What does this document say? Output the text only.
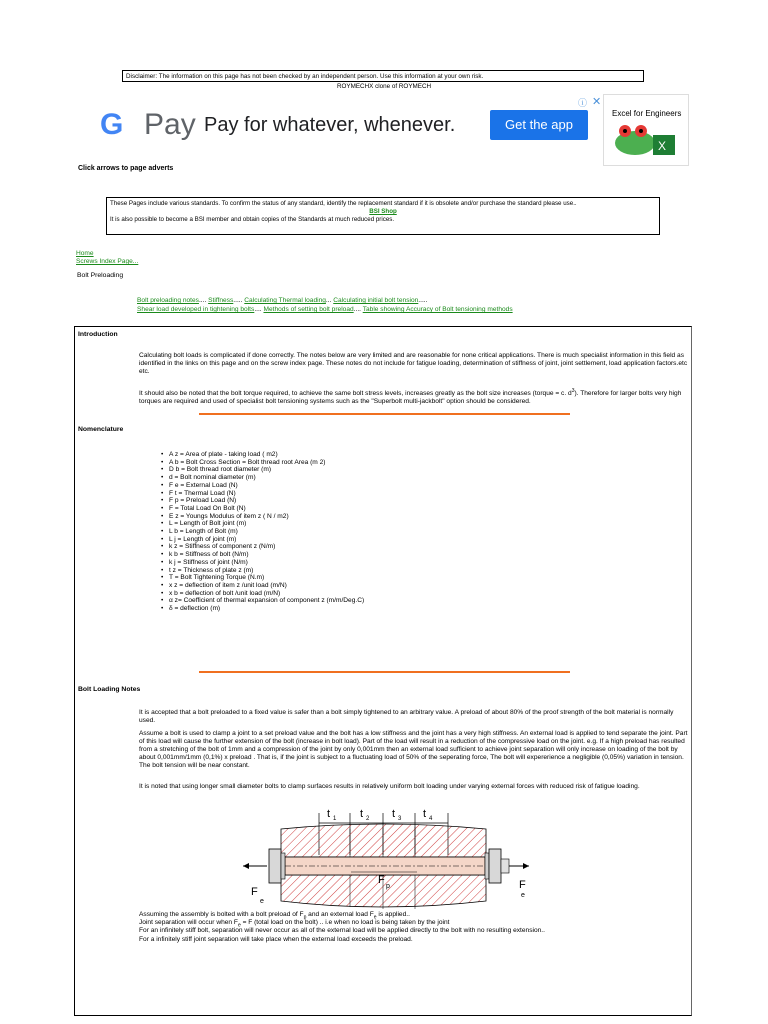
Disclaimer: The information on this page has not been checked by an independent person. Use this information at your own risk.
ROYMECHX clone of ROYMECH
G Pay Pay for whatever, whenever.	Get the app
ⓘ ✕
Excel for Engineers
X
Click arrows to page adverts
These Pages include various standards. To confirm the status of any standard, identify the replacement standard if it is obsolete and/or purchase the standard please use..
BSI Shop
It is also possible to become a BSI member and obtain copies of the Standards at much reduced prices.
Home
Screws Index Page...
Bolt Preloading
Bolt preloading notes.... Stiffness..... Calculating Thermal loading... Calculating initial bolt tension.....
Shear load developed in tightening bolts.... Methods of setting bolt preload.... Table showing Accuracy of Bolt tensioning methods
Introduction
Calculating bolt loads is complicated if done correctly. The notes below are very limited and are reasonable for none critical applications. There is much specialist information in this field as identified in the links on this page and on the screw index page. These notes do not include for fatigue loading, determination of stiffness of joint, joint settlement, load application factors.etc etc.
It should also be noted that the bolt torque required, to achieve the same bolt stress levels, increases greatly as the bolt size increases (torque = c. $d^3$). Therefore for larger bolts very high torques are required and used of specialist bolt tensioning systems such as the "Superbolt multi-jackbolt" option should be considered.
Nomenclature
• A z = Area of plate - taking load ( m2)
• A b = Bolt Cross Section = Bolt thread root Area (m 2)
• D b = Bolt thread root diameter (m)
• d = Bolt nominal diameter (m)
• F e = External Load (N)
• F t = Thermal Load (N)
• F p = Preload Load (N)
• F = Total Load On Bolt (N)
• E z = Youngs Modulus of item z ( N / m2)
• L = Length of Bolt joint (m)
• L b = Length of Bolt (m)
• L j = Length of joint (m)
• k z = Stiffness of component z (N/m)
• k b = Stiffness of bolt (N/m)
• k j = Stiffness of joint (N/m)
• t z = Thickness of plate z (m)
• T = Bolt Tightening Torque (N.m)
• x z = deflection of item z /unit load (m/N)
• x b = deflection of bolt /unit load (m/N)
• α z= Coefficient of thermal expansion of component z (m/m/Deg.C)
• δ = deflection (m)
Bolt Loading Notes
It is accepted that a bolt preloaded to a fixed value is safer than a bolt simply tightened to an arbitrary value. A preload of about 80% of the proof strength of the bolt material is normally used.
Assume a bolt is used to clamp a joint to a set preload value and the bolt has a low stiffness and the joint has a very high stiffness. An external load is applied to tend separate the joint. Part of this load will cause the further extension of the bolt (increase in bolt load). Part of the load will result in a reduction of the compressive load on the joint. e.g. If a high preload has resulted from a stretching of the bolt of 1mm and a compression of the joint by only 0,001mm then an external load sufficient to achieve joint separation will only increase on loading of the bolt by about 0,001mm/1mm (0,1%) x preload . That is, if the joint is subject to a fluctuating load of 50% of the seperating force, The bolt will expererience a negligible (0,05%) variation in tension. The bolt tension will be near constant.
It is noted that using longer small diameter bolts to clamp surfaces results in relatively uniform bolt loading under varying external forces with reduced risk of fatigue loading.
t 1 t 2 t 3 t 4
F
e
F
p	F
e
Assuming the assembly is bolted with a bolt preload of $F_p$ and an external load $F_e$ is applied..
Joint separation will occur when $F_e = F$ (total load on the bolt) .. i.e when no load is being taken by the joint
For an infinitely stiff bolt, separation will never occur as all of the external load will be applied directly to the bolt with no resulting extension..
For a infinitely stiff joint separation will take place when the external load exceeds the preload.
